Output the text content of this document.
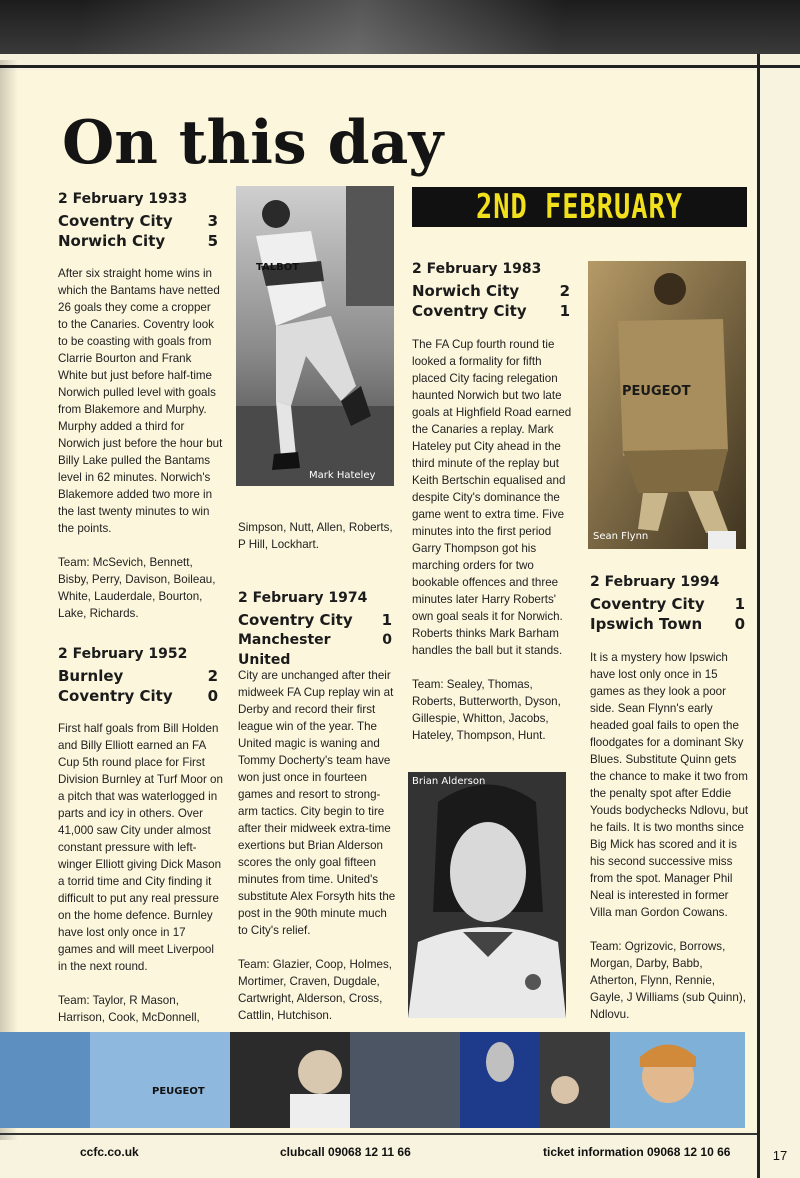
On this day
2ND FEBRUARY
2 February 1933
Coventry City 3
Norwich City	5

After six straight home wins in which the Bantams have netted 26 goals they come a cropper to the Canaries. Coventry look to be coasting with goals from Clarrie Bourton and Frank White but just before half-time Norwich pulled level with goals from Blakemore and Murphy. Murphy added a third for Norwich just before the hour but Billy Lake pulled the Bantams level in 62 minutes. Norwich's Blakemore added two more in the last twenty minutes to win the points.

Team: McSevich, Bennett, Bisby, Perry, Davison, Boileau, White, Lauderdale, Bourton, Lake, Richards.

2 February 1952
Burnley	2
Coventry City 0

First half goals from Bill Holden and Billy Elliott earned an FA Cup 5th round place for First Division Burnley at Turf Moor on a pitch that was waterlogged in parts and icy in others. Over 41,000 saw City under almost constant pressure with left-winger Elliott giving Dick Mason a torrid time and City finding it difficult to put any real pressure on the home defence. Burnley have lost only once in 17 games and will meet Liverpool in the next round.

Team: Taylor, R Mason, Harrison, Cook, McDonnell,

Simpson, Nutt, Allen, Roberts, P Hill, Lockhart.

Mark Hateley
TALBOT
2 February 1974
Coventry City 1
Manchester United
0

City are unchanged after their midweek FA Cup replay win at Derby and record their first league win of the year. The United magic is waning and Tommy Docherty's team have won just once in fourteen games and resort to strong-arm tactics. City begin to tire after their midweek extra-time exertions but Brian Alderson scores the only goal fifteen minutes from time. United's substitute Alex Forsyth hits the post in the 90th minute much to City's relief.

Team: Glazier, Coop, Holmes, Mortimer, Craven, Dugdale, Cartwright, Alderson, Cross, Cattlin, Hutchison.

2 February 1983
Norwich City	2
Coventry City 1

The FA Cup fourth round tie looked a formality for fifth placed City facing relegation haunted Norwich but two late goals at Highfield Road earned the Canaries a replay. Mark Hateley put City ahead in the third minute of the replay but Keith Bertschin equalised and despite City's dominance the game went to extra time. Five minutes into the first period Garry Thompson got his marching orders for two bookable offences and three minutes later Harry Roberts' own goal seals it for Norwich. Roberts thinks Mark Barham handles the ball but it stands.

Team: Sealey, Thomas, Roberts, Butterworth, Dyson, Gillespie, Whitton, Jacobs, Hateley, Thompson, Hunt.

PEUGEOT
Sean Flynn
2 February 1994
Coventry City 1
Ipswich Town 0

It is a mystery how Ipswich have lost only once in 15 games as they look a poor side. Sean Flynn's early headed goal fails to open the floodgates for a dominant Sky Blues. Substitute Quinn gets the chance to make it two from the penalty spot after Eddie Youds bodychecks Ndlovu, but he fails. It is two months since Big Mick has scored and it is his second successive miss from the spot. Manager Phil Neal is interested in former Villa man Gordon Cowans.

Team: Ogrizovic, Borrows, Morgan, Darby, Babb, Atherton, Flynn, Rennie, Gayle, J Williams (sub Quinn), Ndlovu.

Brian Alderson
PEUGEOT
ccfc.co.uk	clubcall 09068 12 11 66	ticket information 09068 12 10 66	17
